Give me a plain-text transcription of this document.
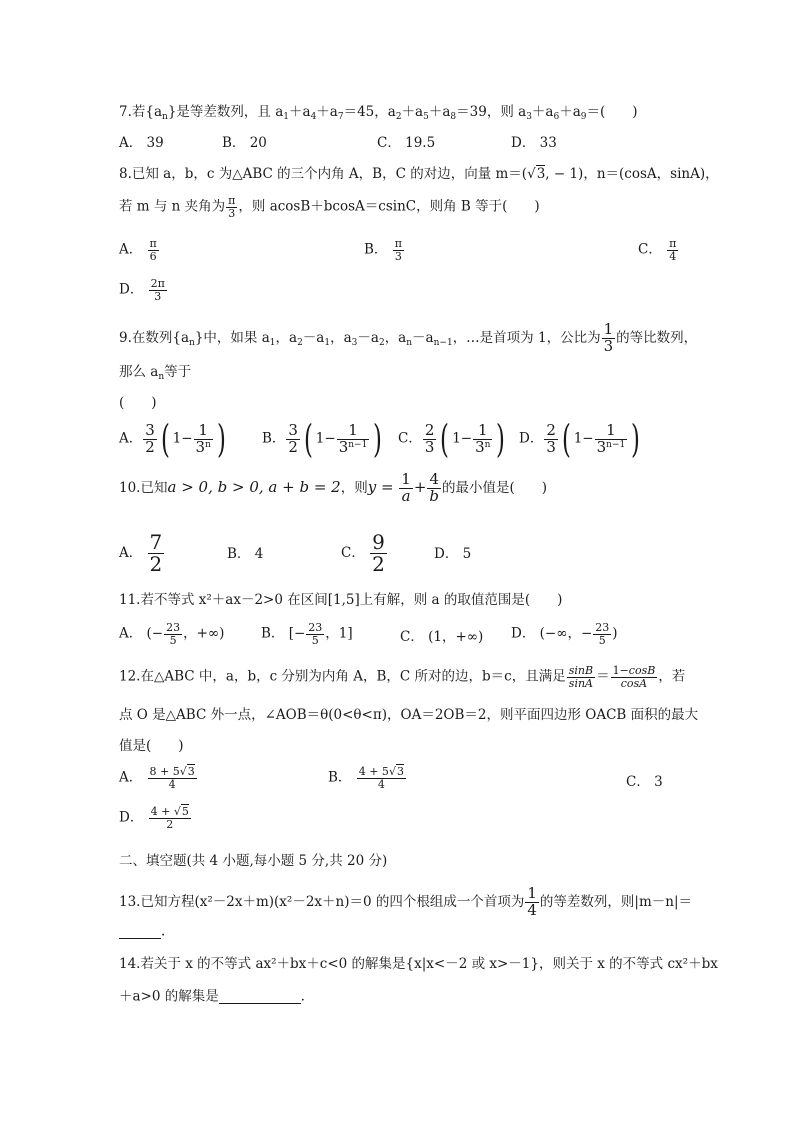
7.若$\{a_n\}$是等差数列，且 $a_1+a_4+a_7=45$，$a_2+a_5+a_8=39$，则 $a_3+a_6+a_9=$(　　)
A． 39	B． 20	C． 19.5	D． 33
8.已知 a，b，c 为△ABC 的三个内角 A，B，C 的对边，向量 m＝(√3, − 1)，n＝(cosA，sinA)，
若 m 与 n 夹角为 $\frac{\pi}{3}$ ，则 acosB＋bcosA＝csinC，则角 B 等于(　　)
A． $\frac{\pi}{6}$	B． $\frac{\pi}{3}$	C． $\frac{\pi}{4}$
D． $\frac{2\pi}{3}$
9.在数列$\{a_n\}$中，如果 $a_1$，$a_2-a_1$，$a_3-a_2$，$a_n-a_{n-1}$，…是首项为 1，公比为 $\frac{1}{3}$ 的等比数列，
那么 $a_n$等于
(　　)
A． $\frac{3}{2}$ ( $1- \frac{1}{3^n}$ )	B． $\frac{3}{2}$ ( $1- \frac{1}{3^{n-1}}$ ) C． $\frac{2}{3}$ ( $1- \frac{1}{3^n}$ ) D． $\frac{2}{3}$ ( $1- \frac{1}{3^{n-1}}$ )
10.已知a > 0, b > 0, a + b = 2，则$y = \frac{1}{a} + \frac{4}{b}$ 的最小值是(　　)
A． $\frac{7}{2}$	B． 4	C． $\frac{9}{2}$	D． 5
11.若不等式 x²＋ax－2>0 在区间[1,5]上有解，则 a 的取值范围是(　　)
A． (− $\frac{23}{5}$ ，+∞)	B． [− $\frac{23}{5}$ ，1]	C． (1，+∞) D． (−∞，− $\frac{23}{5}$ )
12.在△ABC 中，a，b，c 分别为内角 A，B，C 所对的边，b＝c，且满足 $\frac{\sin B}{\sin A} = \frac{1-\cos B}{\cos A}$ ，若
点 O 是△ABC 外一点，∠AOB＝θ(0<θ<π)，OA＝2OB＝2，则平面四边形 OACB 面积的最大
值是(　　)
A． $\frac{8 + 5√3}{4}$	B． $\frac{4 + 5√3}{4}$	C． 3
D． $\frac{4 + √5}{2}$
二、填空题(共 4 小题,每小题 5 分,共 20 分)
13.已知方程(x²－2x＋m)(x²－2x＋n)＝0 的四个根组成一个首项为 $\frac{1}{4}$ 的等差数列，则|m－n|＝
.
14.若关于 x 的不等式 ax²＋bx＋c<0 的解集是{x|x<－2 或 x>－1}，则关于 x 的不等式 cx²＋bx
＋a>0 的解集是	．
